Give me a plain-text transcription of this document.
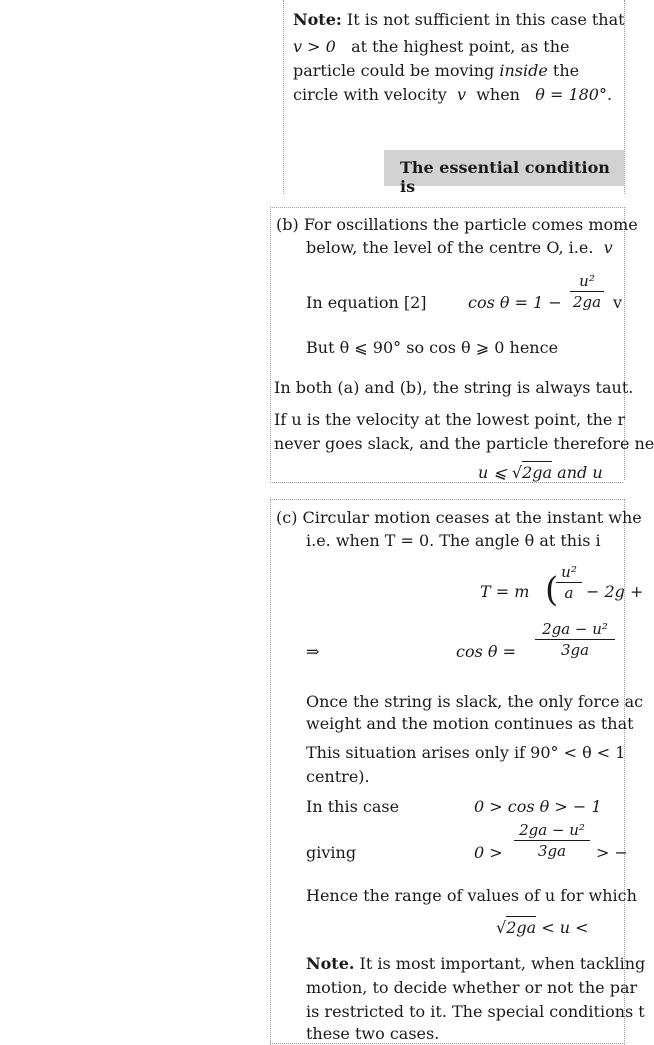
Note: It is not sufficient in this case that
v > 0 at the highest point, as the
particle could be moving inside the
circle with velocity v when θ = 180°.
The essential condition is
(b) For oscillations the particle comes mome
below, the level of the centre O, i.e. v
In equation [2]	cos θ = 1 −
u²
2ga v
But θ ⩽ 90° so cos θ ⩾ 0 hence
In both (a) and (b), the string is always taut.
If u is the velocity at the lowest point, the r
never goes slack, and the particle therefore ne
u ⩽ √2ga and u
(c) Circular motion ceases at the instant whe
i.e. when T = 0. The angle θ at this i
T = m ( u²
a − 2g +
⇒	cos θ =
2ga − u²
3ga
Once the string is slack, the only force ac
weight and the motion continues as that
This situation arises only if 90° < θ < 1
centre).
In this case	0 > cos θ > − 1
giving	0 >
2ga − u²
3ga	> −
Hence the range of values of u for which
√2ga < u <
Note. It is most important, when tackling
motion, to decide whether or not the par
is restricted to it. The special conditions t
these two cases.
